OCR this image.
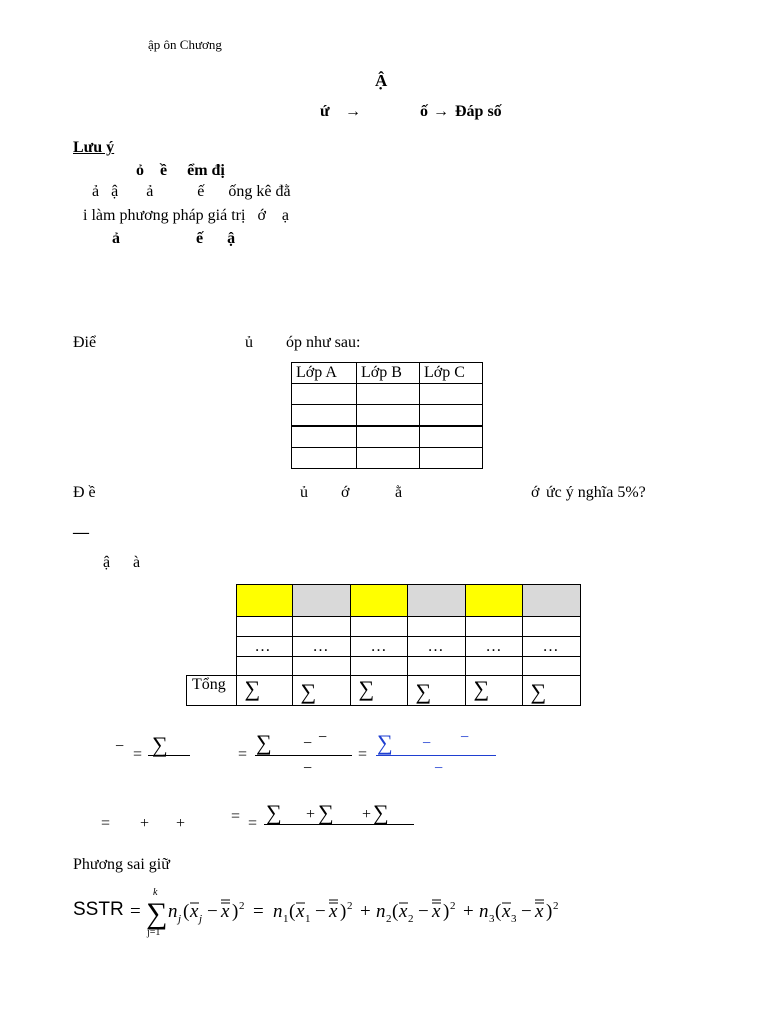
ập ôn Chương
Ậ
ứ →	ố → Đáp số
Lưu ý
ỏ    ề     ểm đị
ả   ậ       ả           ế      ống kê đằ
i làm phương pháp giá trị   ớ    ạ
ả                   ế      ậ
Điể	ủ óp như sau:
Lớp A	Lớp B	Lớp C

Đ ề	ủ ớ	ằ	ớ ức ý nghĩa 5%?
—
ậ à

	…	…	…	…	…	…

Tổng	∑	∑	∑	∑	∑	∑
− = ∑	= ∑ − −
−
= ∑ − −
−
= + +	= = ∑ + ∑ + ∑
Phương sai giữ
SSTR
k
j=1
= ∑ n j ( x j − x ) 2 = n 1 ( x 1 − x ) 2 + n 2 ( x 2 − x ) 2 + n 3 ( x 3 − x ) 2
